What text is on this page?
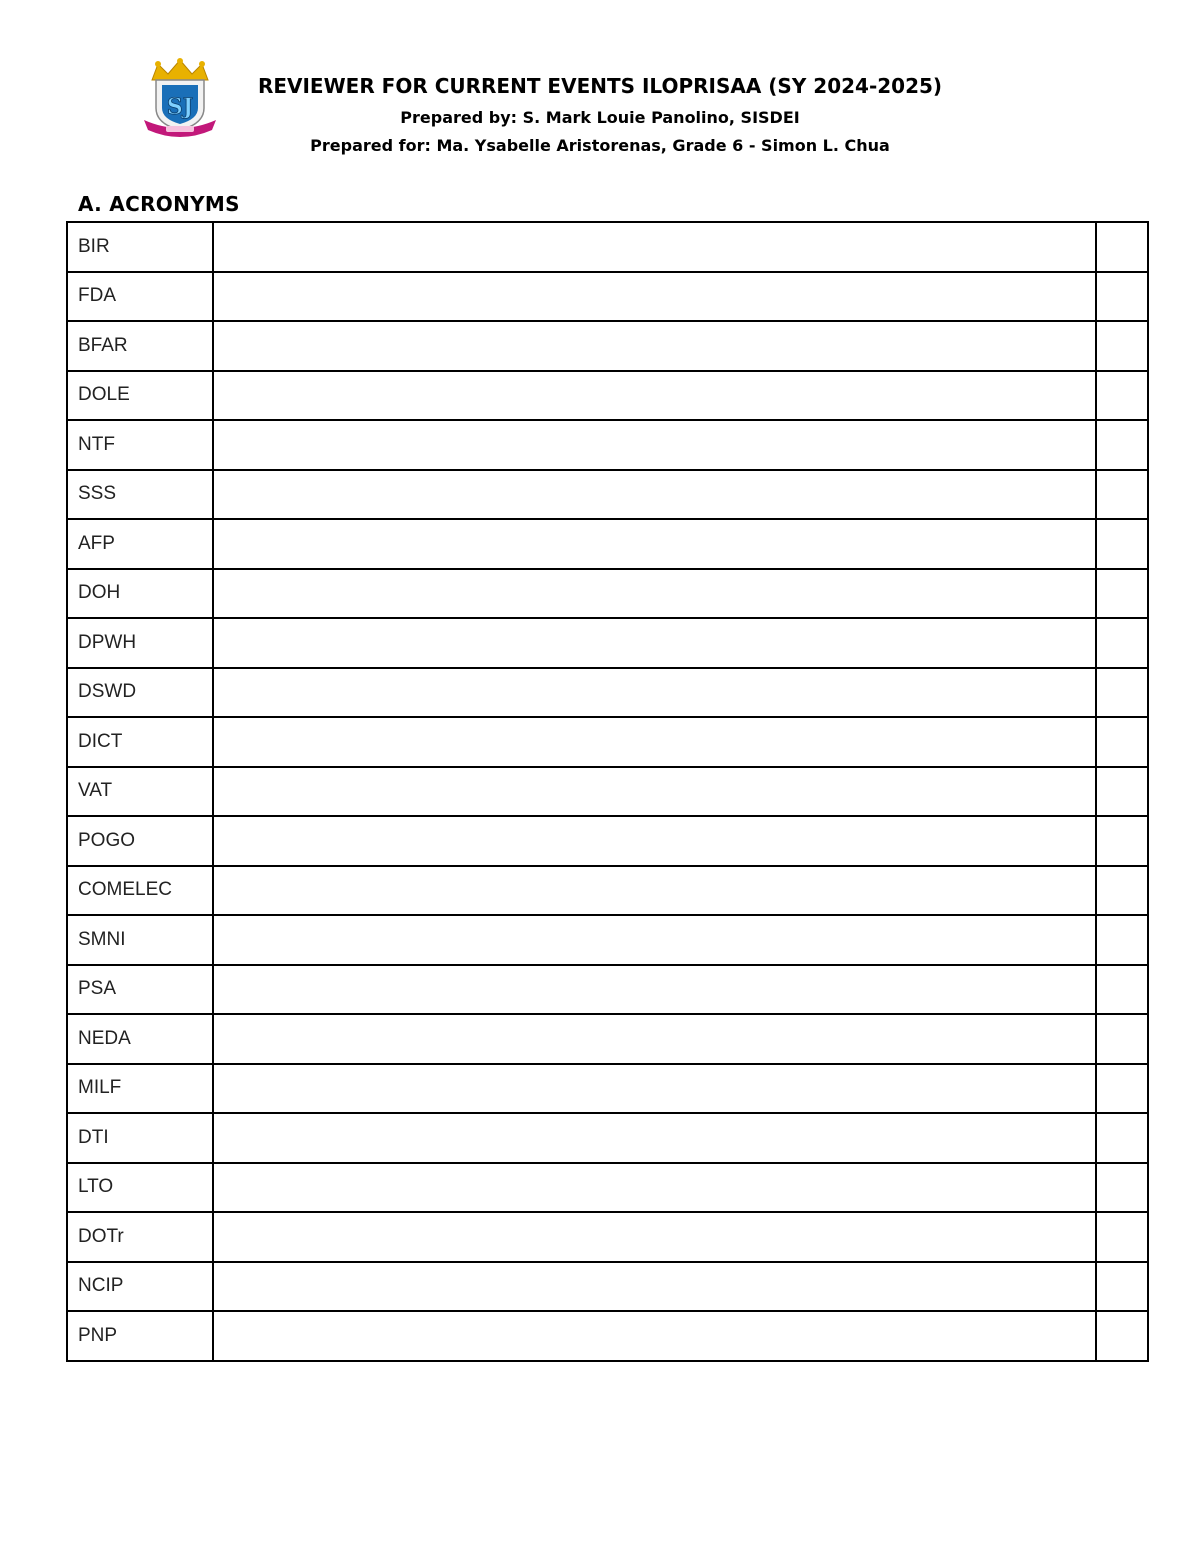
SJ
REVIEWER FOR CURRENT EVENTS ILOPRISAA (SY 2024-2025)
Prepared by: S. Mark Louie Panolino, SISDEI
Prepared for: Ma. Ysabelle Aristorenas, Grade 6 - Simon L. Chua
A. ACRONYMS
BIR		
FDA		
BFAR		
DOLE		
NTF		
SSS		
AFP		
DOH		
DPWH		
DSWD		
DICT		
VAT		
POGO		
COMELEC		
SMNI		
PSA		
NEDA		
MILF		
DTI		
LTO		
DOTr		
NCIP		
PNP		
